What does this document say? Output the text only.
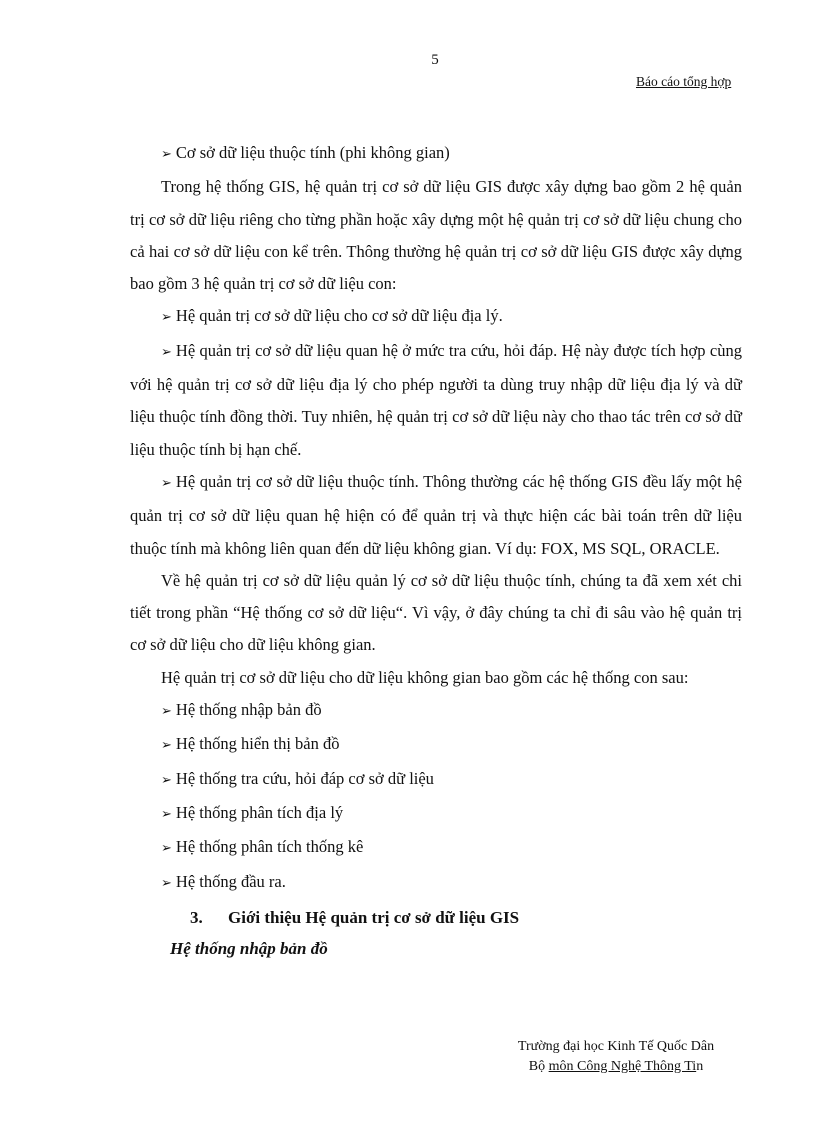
5
Báo cáo tổng hợp

➢ Cơ sở dữ liệu thuộc tính (phi không gian)

Trong hệ thống GIS, hệ quản trị cơ sở dữ liệu GIS được xây dựng bao gồm 2 hệ quản trị cơ sở dữ liệu riêng cho từng phần hoặc xây dựng một hệ quản trị cơ sở dữ liệu chung cho cả hai cơ sở dữ liệu con kể trên. Thông thường hệ quản trị cơ sở dữ liệu GIS được xây dựng bao gồm 3 hệ quản trị cơ sở dữ liệu con:

➢ Hệ quản trị cơ sở dữ liệu cho cơ sở dữ liệu địa lý.

➢ Hệ quản trị cơ sở dữ liệu quan hệ ở mức tra cứu, hỏi đáp. Hệ này được tích hợp cùng với hệ quản trị cơ sở dữ liệu địa lý cho phép người ta dùng truy nhập dữ liệu địa lý và dữ liệu thuộc tính đồng thời. Tuy nhiên, hệ quản trị cơ sở dữ liệu này cho thao tác trên cơ sở dữ liệu thuộc tính bị hạn chế.

➢ Hệ quản trị cơ sở dữ liệu thuộc tính. Thông thường các hệ thống GIS đều lấy một hệ quản trị cơ sở dữ liệu quan hệ hiện có để quản trị và thực hiện các bài toán trên dữ liệu thuộc tính mà không liên quan đến dữ liệu không gian. Ví dụ: FOX, MS SQL, ORACLE.

Về hệ quản trị cơ sở dữ liệu quản lý cơ sở dữ liệu thuộc tính, chúng ta đã xem xét chi tiết trong phần “Hệ thống cơ sở dữ liệu“. Vì vậy, ở đây chúng ta chỉ đi sâu vào hệ quản trị cơ sở dữ liệu cho dữ liệu không gian.

Hệ quản trị cơ sở dữ liệu cho dữ liệu không gian bao gồm các hệ thống con sau:

➢ Hệ thống nhập bản đồ

➢ Hệ thống hiển thị bản đồ

➢ Hệ thống tra cứu, hỏi đáp cơ sở dữ liệu

➢ Hệ thống phân tích địa lý

➢ Hệ thống phân tích thống kê

➢ Hệ thống đầu ra.

3. Giới thiệu Hệ quản trị cơ sở dữ liệu GIS

Hệ thống nhập bản đồ

Trường đại học Kinh Tế Quốc Dân
Bộ môn Công Nghệ Thông Tin
